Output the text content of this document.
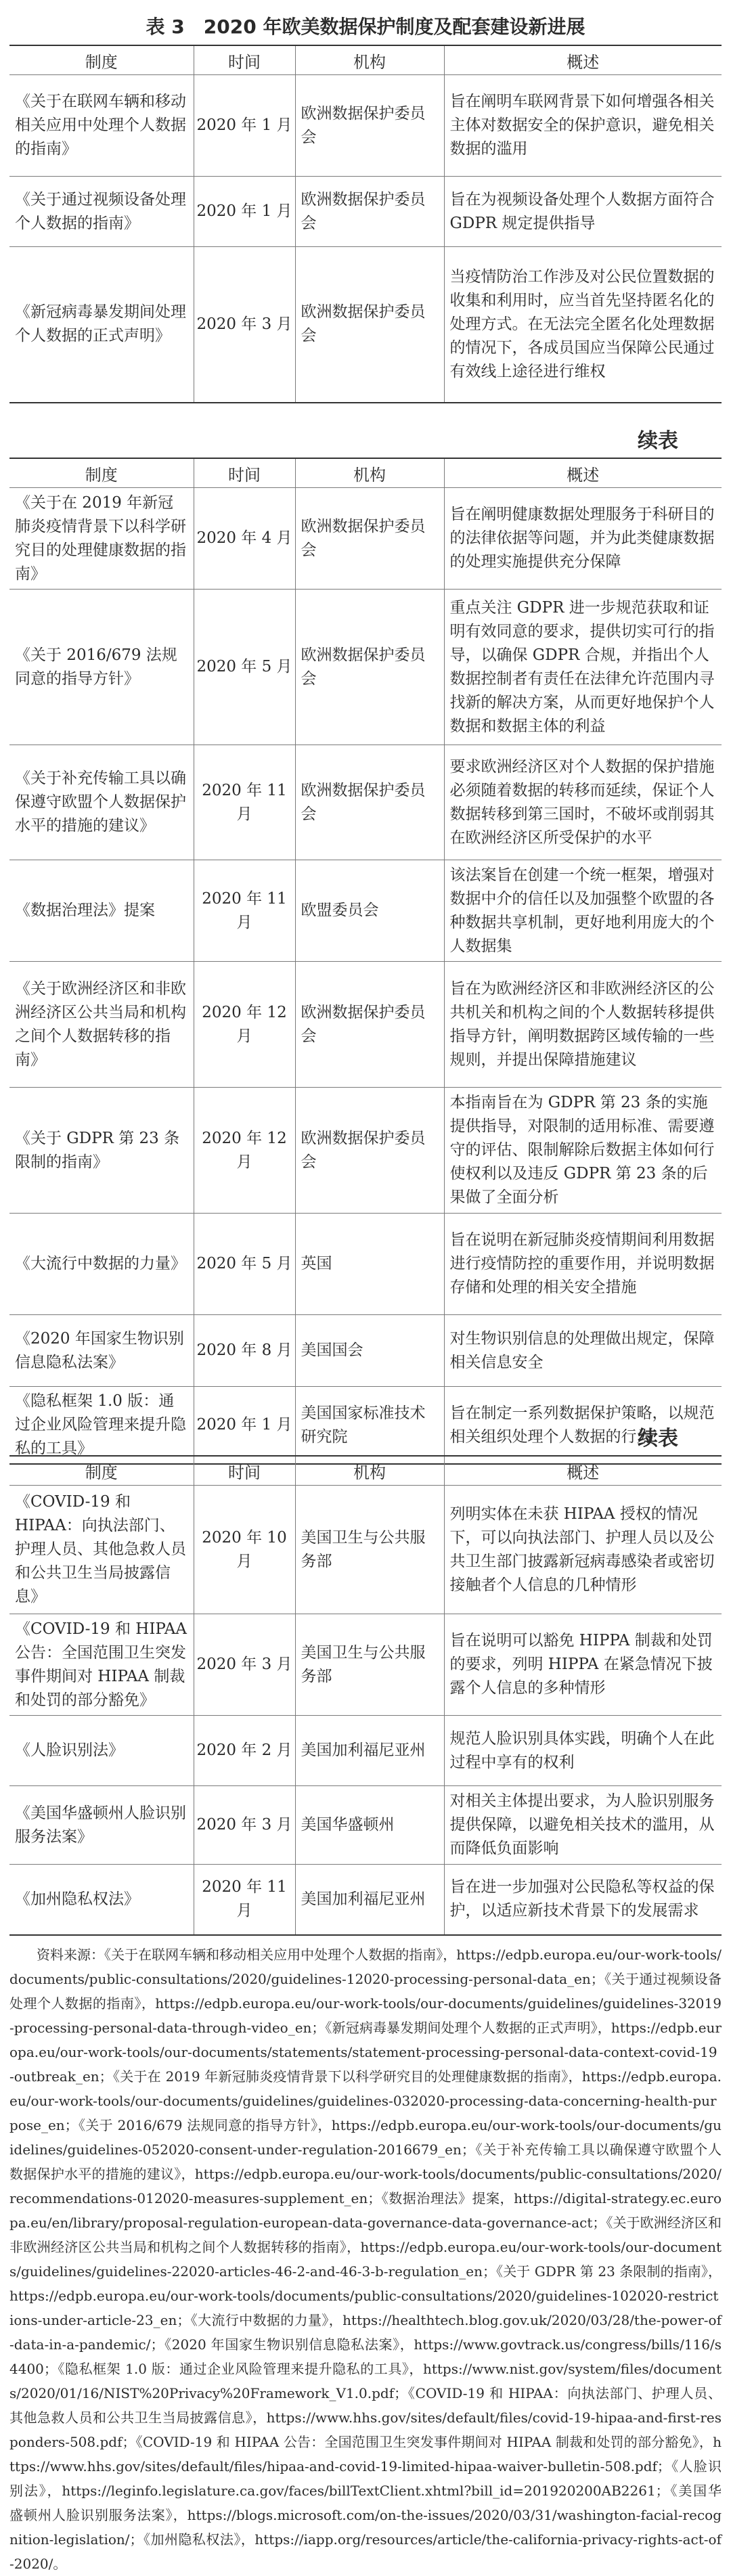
表 3　2020 年欧美数据保护制度及配套建设新进展
制度	时间	机构	概述
《关于在联网车辆和移动相关应用中处理个人数据的指南》	2020 年 1 月	欧洲数据保护委员会	旨在阐明车联网背景下如何增强各相关主体对数据安全的保护意识，避免相关数据的滥用
《关于通过视频设备处理个人数据的指南》	2020 年 1 月	欧洲数据保护委员会	旨在为视频设备处理个人数据方面符合 GDPR 规定提供指导
《新冠病毒暴发期间处理个人数据的正式声明》	2020 年 3 月	欧洲数据保护委员会	当疫情防治工作涉及对公民位置数据的收集和利用时，应当首先坚持匿名化的处理方式。在无法完全匿名化处理数据的情况下，各成员国应当保障公民通过有效线上途径进行维权
续表
制度	时间	机构	概述
《关于在 2019 年新冠肺炎疫情背景下以科学研究目的处理健康数据的指南》	2020 年 4 月	欧洲数据保护委员会	旨在阐明健康数据处理服务于科研目的的法律依据等问题，并为此类健康数据的处理实施提供充分保障
《关于 2016/679 法规同意的指导方针》	2020 年 5 月	欧洲数据保护委员会	重点关注 GDPR 进一步规范获取和证明有效同意的要求，提供切实可行的指导，以确保 GDPR 合规，并指出个人数据控制者有责任在法律允许范围内寻找新的解决方案，从而更好地保护个人数据和数据主体的利益
《关于补充传输工具以确保遵守欧盟个人数据保护水平的措施的建议》	2020 年 11 月	欧洲数据保护委员会	要求欧洲经济区对个人数据的保护措施必须随着数据的转移而延续，保证个人数据转移到第三国时，不破坏或削弱其在欧洲经济区所受保护的水平
《数据治理法》提案	2020 年 11 月	欧盟委员会	该法案旨在创建一个统一框架，增强对数据中介的信任以及加强整个欧盟的各种数据共享机制，更好地利用庞大的个人数据集
《关于欧洲经济区和非欧洲经济区公共当局和机构之间个人数据转移的指南》	2020 年 12 月	欧洲数据保护委员会	旨在为欧洲经济区和非欧洲经济区的公共机关和机构之间的个人数据转移提供指导方针，阐明数据跨区域传输的一些规则，并提出保障措施建议
《关于 GDPR 第 23 条限制的指南》	2020 年 12 月	欧洲数据保护委员会	本指南旨在为 GDPR 第 23 条的实施提供指导，对限制的适用标准、需要遵守的评估、限制解除后数据主体如何行使权利以及违反 GDPR 第 23 条的后果做了全面分析
《大流行中数据的力量》	2020 年 5 月	英国	旨在说明在新冠肺炎疫情期间利用数据进行疫情防控的重要作用，并说明数据存储和处理的相关安全措施
《2020 年国家生物识别信息隐私法案》	2020 年 8 月	美国国会	对生物识别信息的处理做出规定，保障相关信息安全
《隐私框架 1.0 版：通过企业风险管理来提升隐私的工具》	2020 年 1 月	美国国家标准技术研究院	旨在制定一系列数据保护策略，以规范相关组织处理个人数据的行为
续表
制度	时间	机构	概述
《COVID-19 和 HIPAA：向执法部门、护理人员、其他急救人员和公共卫生当局披露信息》	2020 年 10 月	美国卫生与公共服务部	列明实体在未获 HIPAA 授权的情况下，可以向执法部门、护理人员以及公共卫生部门披露新冠病毒感染者或密切接触者个人信息的几种情形
《COVID-19 和 HIPAA 公告：全国范围卫生突发事件期间对 HIPAA 制裁和处罚的部分豁免》	2020 年 3 月	美国卫生与公共服务部	旨在说明可以豁免 HIPPA 制裁和处罚的要求，列明 HIPPA 在紧急情况下披露个人信息的多种情形
《人脸识别法》	2020 年 2 月	美国加利福尼亚州	规范人脸识别具体实践，明确个人在此过程中享有的权利
《美国华盛顿州人脸识别服务法案》	2020 年 3 月	美国华盛顿州	对相关主体提出要求，为人脸识别服务提供保障，以避免相关技术的滥用，从而降低负面影响
《加州隐私权法》	2020 年 11 月	美国加利福尼亚州	旨在进一步加强对公民隐私等权益的保护，以适应新技术背景下的发展需求
资料来源：《关于在联网车辆和移动相关应用中处理个人数据的指南》，https://edpb.europa.eu/our-work-tools/documents/public-consultations/2020/guidelines-12020-processing-personal-data_en；《关于通过视频设备处理个人数据的指南》，https://edpb.europa.eu/our-work-tools/our-documents/guidelines/guidelines-32019-processing-personal-data-through-video_en；《新冠病毒暴发期间处理个人数据的正式声明》，https://edpb.europa.eu/our-work-tools/our-documents/statements/statement-processing-personal-data-context-covid-19-outbreak_en；《关于在 2019 年新冠肺炎疫情背景下以科学研究目的处理健康数据的指南》，https://edpb.europa.eu/our-work-tools/our-documents/guidelines/guidelines-032020-processing-data-concerning-health-purpose_en；《关于 2016/679 法规同意的指导方针》，https://edpb.europa.eu/our-work-tools/our-documents/guidelines/guidelines-052020-consent-under-regulation-2016679_en；《关于补充传输工具以确保遵守欧盟个人数据保护水平的措施的建议》，https://edpb.europa.eu/our-work-tools/documents/public-consultations/2020/recommendations-012020-measures-supplement_en；《数据治理法》提案，https://digital-strategy.ec.europa.eu/en/library/proposal-regulation-european-data-governance-data-governance-act；《关于欧洲经济区和非欧洲经济区公共当局和机构之间个人数据转移的指南》，https://edpb.europa.eu/our-work-tools/our-documents/guidelines/guidelines-22020-articles-46-2-and-46-3-b-regulation_en；《关于 GDPR 第 23 条限制的指南》，https://edpb.europa.eu/our-work-tools/documents/public-consultations/2020/guidelines-102020-restrictions-under-article-23_en；《大流行中数据的力量》，https://healthtech.blog.gov.uk/2020/03/28/the-power-of-data-in-a-pandemic/；《2020 年国家生物识别信息隐私法案》，https://www.govtrack.us/congress/bills/116/s4400；《隐私框架 1.0 版：通过企业风险管理来提升隐私的工具》，https://www.nist.gov/system/files/documents/2020/01/16/NIST%20Privacy%20Framework_V1.0.pdf；《COVID-19 和 HIPAA：向执法部门、护理人员、其他急救人员和公共卫生当局披露信息》，https://www.hhs.gov/sites/default/files/covid-19-hipaa-and-first-responders-508.pdf；《COVID-19 和 HIPAA 公告：全国范围卫生突发事件期间对 HIPAA 制裁和处罚的部分豁免》，https://www.hhs.gov/sites/default/files/hipaa-and-covid-19-limited-hipaa-waiver-bulletin-508.pdf；《人脸识别法》，https://leginfo.legislature.ca.gov/faces/billTextClient.xhtml?bill_id=201920200AB2261；《美国华盛顿州人脸识别服务法案》，https://blogs.microsoft.com/on-the-issues/2020/03/31/washington-facial-recognition-legislation/；《加州隐私权法》，https://iapp.org/resources/article/the-california-privacy-rights-act-of-2020/。
